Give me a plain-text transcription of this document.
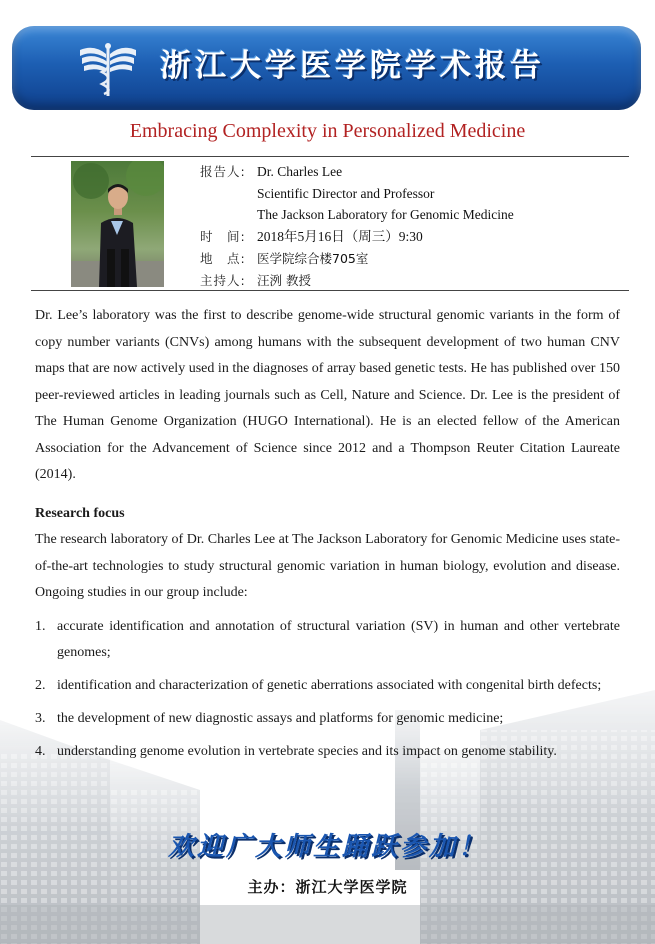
浙江大学医学院学术报告
Embracing Complexity in Personalized Medicine
报告人: Dr. Charles Lee
Scientific Director and Professor
The Jackson Laboratory for Genomic Medicine
时　间: 2018年5月16日（周三）9:30
地　点: 医学院综合楼705室
主持人: 汪洌 教授
Dr. Lee’s laboratory was the first to describe genome-wide structural genomic variants in the form of copy number variants (CNVs) among humans with the subsequent development of two human CNV maps that are now actively used in the diagnoses of array based genetic tests. He has published over 150 peer-reviewed articles in leading journals such as Cell, Nature and Science. Dr. Lee is the president of The Human Genome Organization (HUGO International). He is an elected fellow of the American Association for the Advancement of Science since 2012 and a Thompson Reuter Citation Laureate (2014).
Research focus
The research laboratory of Dr. Charles Lee at The Jackson Laboratory for Genomic Medicine uses state-of-the-art technologies to study structural genomic variation in human biology, evolution and disease. Ongoing studies in our group include:
1. accurate identification and annotation of structural variation (SV) in human and other vertebrate genomes;
2. identification and characterization of genetic aberrations associated with congenital birth defects;
3. the development of new diagnostic assays and platforms for genomic medicine;
4. understanding genome evolution in vertebrate species and its impact on genome stability.
欢迎广大师生踊跃参加！
主办：浙江大学医学院
